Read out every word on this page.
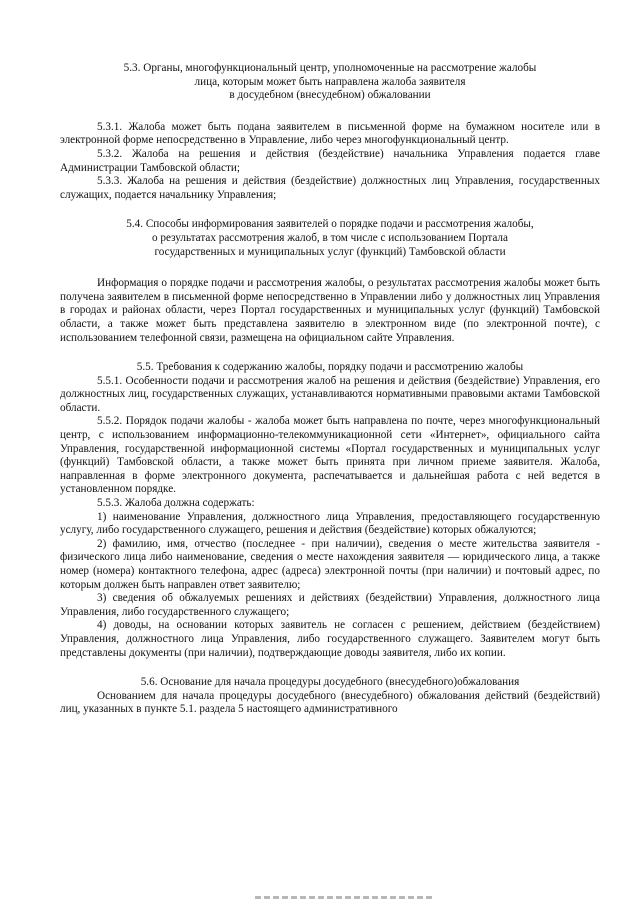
5.3. Органы, многофункциональный центр, уполномоченные на рассмотрение жалобы
лица, которым может быть направлена жалоба заявителя
в досудебном (внесудебном) обжаловании

5.3.1. Жалоба может быть подана заявителем в письменной форме на бумажном носителе или в электронной форме непосредственно в Управление, либо через многофункциональный центр.

5.3.2. Жалоба на решения и действия (бездействие) начальника Управления подается главе Администрации Тамбовской области;

5.3.3. Жалоба на решения и действия (бездействие) должностных лиц Управления, государственных служащих, подается начальнику Управления;

5.4. Способы информирования заявителей о порядке подачи и рассмотрения жалобы,
о результатах рассмотрения жалоб, в том числе с использованием Портала
государственных и муниципальных услуг (функций) Тамбовской области

Информация о порядке подачи и рассмотрения жалобы, о результатах рассмотрения жалобы может быть получена заявителем в письменной форме непосредственно в Управлении либо у должностных лиц Управления в городах и районах области, через Портал государственных и муниципальных услуг (функций) Тамбовской области, а также может быть представлена заявителю в электронном виде (по электронной почте), с использованием телефонной связи, размещена на официальном сайте Управления.

5.5. Требования к содержанию жалобы, порядку подачи и рассмотрению жалобы

5.5.1. Особенности подачи и рассмотрения жалоб на решения и действия (бездействие) Управления, его должностных лиц, государственных служащих, устанавливаются нормативными правовыми актами Тамбовской области.

5.5.2. Порядок подачи жалобы - жалоба может быть направлена по почте, через многофункциональный центр, с использованием информационно-телекоммуникационной сети «Интернет», официального сайта Управления, государственной информационной системы «Портал государственных и муниципальных услуг (функций) Тамбовской области, а также может быть принята при личном приеме заявителя. Жалоба, направленная в форме электронного документа, распечатывается и дальнейшая работа с ней ведется в установленном порядке.

5.5.3. Жалоба должна содержать:

1) наименование Управления, должностного лица Управления, предоставляющего государственную услугу, либо государственного служащего, решения и действия (бездействие) которых обжалуются;

2) фамилию, имя, отчество (последнее - при наличии), сведения о месте жительства заявителя - физического лица либо наименование, сведения о месте нахождения заявителя — юридического лица, а также номер (номера) контактного телефона, адрес (адреса) электронной почты (при наличии) и почтовый адрес, по которым должен быть направлен ответ заявителю;

3) сведения об обжалуемых решениях и действиях (бездействии) Управления, должностного лица Управления, либо государственного служащего;

4) доводы, на основании которых заявитель не согласен с решением, действием (бездействием) Управления, должностного лица Управления, либо государственного служащего. Заявителем могут быть представлены документы (при наличии), подтверждающие доводы заявителя, либо их копии.

5.6. Основание для начала процедуры досудебного (внесудебного)обжалования

Основанием для начала процедуры досудебного (внесудебного) обжалования действий (бездействий) лиц, указанных в пункте 5.1. раздела 5 настоящего административного
